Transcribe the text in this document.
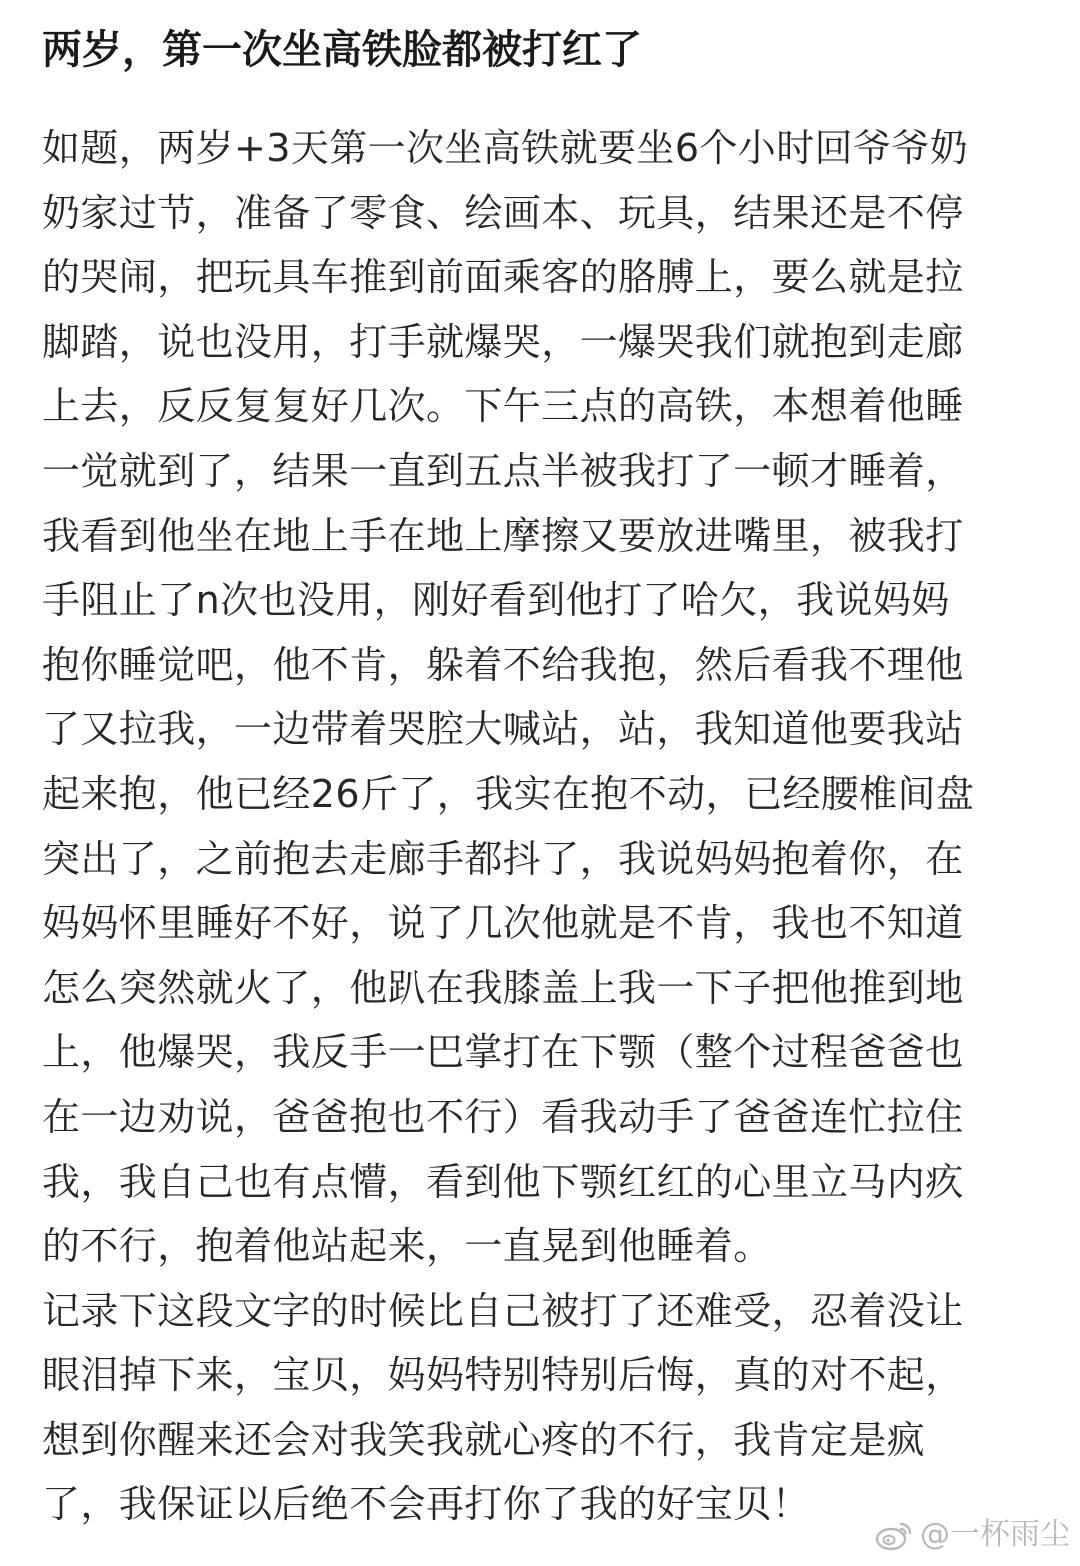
两岁，第一次坐高铁脸都被打红了
如题，两岁+3天第一次坐高铁就要坐6个小时回爷爷奶
奶家过节，准备了零食、绘画本、玩具，结果还是不停
的哭闹，把玩具车推到前面乘客的胳膊上，要么就是拉
脚踏，说也没用，打手就爆哭，一爆哭我们就抱到走廊
上去，反反复复好几次。下午三点的高铁，本想着他睡
一觉就到了，结果一直到五点半被我打了一顿才睡着，
我看到他坐在地上手在地上摩擦又要放进嘴里，被我打
手阻止了n次也没用，刚好看到他打了哈欠，我说妈妈
抱你睡觉吧，他不肯，躲着不给我抱，然后看我不理他
了又拉我，一边带着哭腔大喊站，站，我知道他要我站
起来抱，他已经26斤了，我实在抱不动，已经腰椎间盘
突出了，之前抱去走廊手都抖了，我说妈妈抱着你，在
妈妈怀里睡好不好，说了几次他就是不肯，我也不知道
怎么突然就火了，他趴在我膝盖上我一下子把他推到地
上，他爆哭，我反手一巴掌打在下颚（整个过程爸爸也
在一边劝说，爸爸抱也不行）看我动手了爸爸连忙拉住
我，我自己也有点懵，看到他下颚红红的心里立马内疚
的不行，抱着他站起来，一直晃到他睡着。
记录下这段文字的时候比自己被打了还难受，忍着没让
眼泪掉下来，宝贝，妈妈特别特别后悔，真的对不起，
想到你醒来还会对我笑我就心疼的不行，我肯定是疯
了，我保证以后绝不会再打你了我的好宝贝！
@一杯雨尘
